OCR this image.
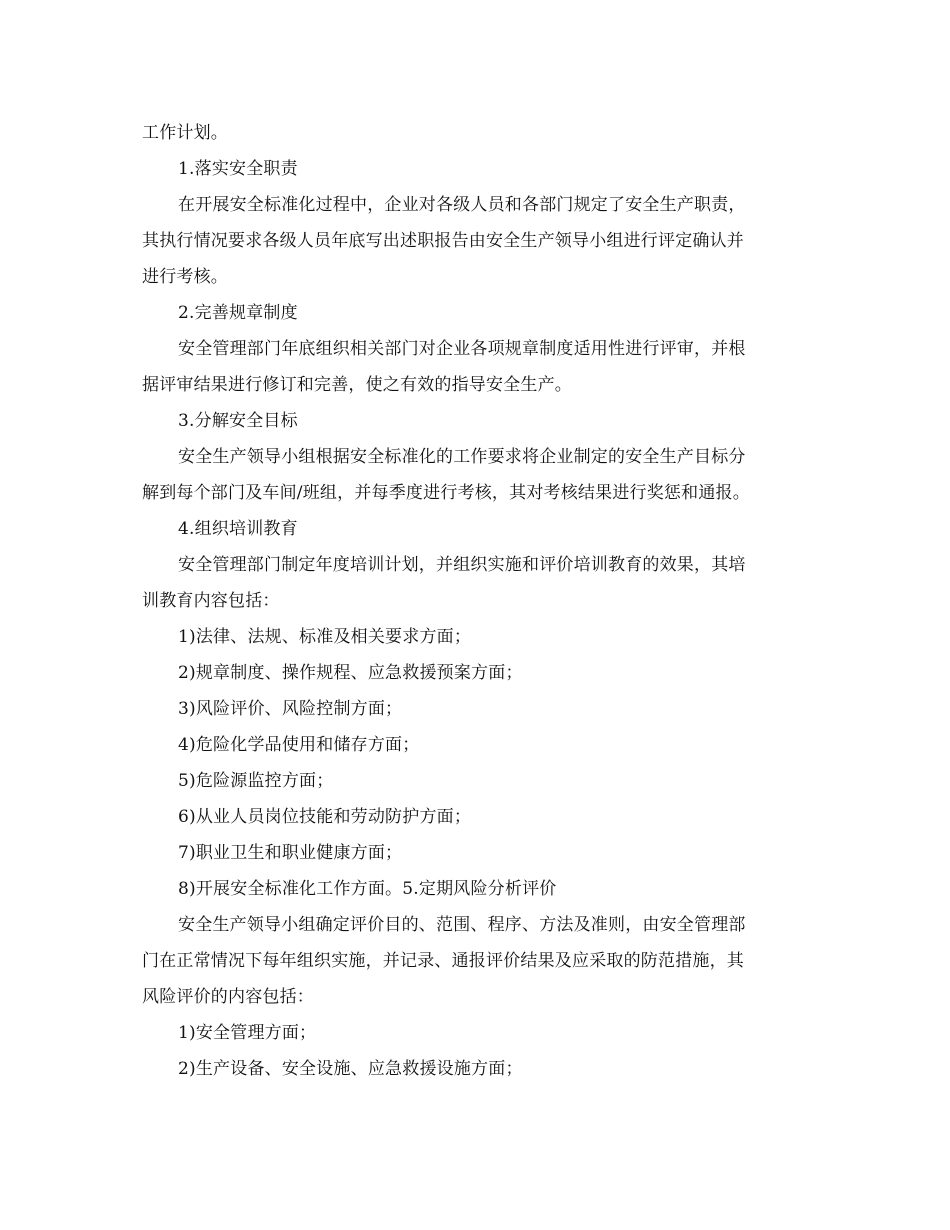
工作计划。
1.落实安全职责
在开展安全标准化过程中，企业对各级人员和各部门规定了安全生产职责，
其执行情况要求各级人员年底写出述职报告由安全生产领导小组进行评定确认并
进行考核。
2.完善规章制度
安全管理部门年底组织相关部门对企业各项规章制度适用性进行评审，并根
据评审结果进行修订和完善，使之有效的指导安全生产。
3.分解安全目标
安全生产领导小组根据安全标准化的工作要求将企业制定的安全生产目标分
解到每个部门及车间/班组，并每季度进行考核，其对考核结果进行奖惩和通报。
4.组织培训教育
安全管理部门制定年度培训计划，并组织实施和评价培训教育的效果，其培
训教育内容包括：
1)法律、法规、标准及相关要求方面；
2)规章制度、操作规程、应急救援预案方面；
3)风险评价、风险控制方面；
4)危险化学品使用和储存方面；
5)危险源监控方面；
6)从业人员岗位技能和劳动防护方面；
7)职业卫生和职业健康方面；
8)开展安全标准化工作方面。5.定期风险分析评价
安全生产领导小组确定评价目的、范围、程序、方法及准则，由安全管理部
门在正常情况下每年组织实施，并记录、通报评价结果及应采取的防范措施，其
风险评价的内容包括：
1)安全管理方面；
2)生产设备、安全设施、应急救援设施方面；
